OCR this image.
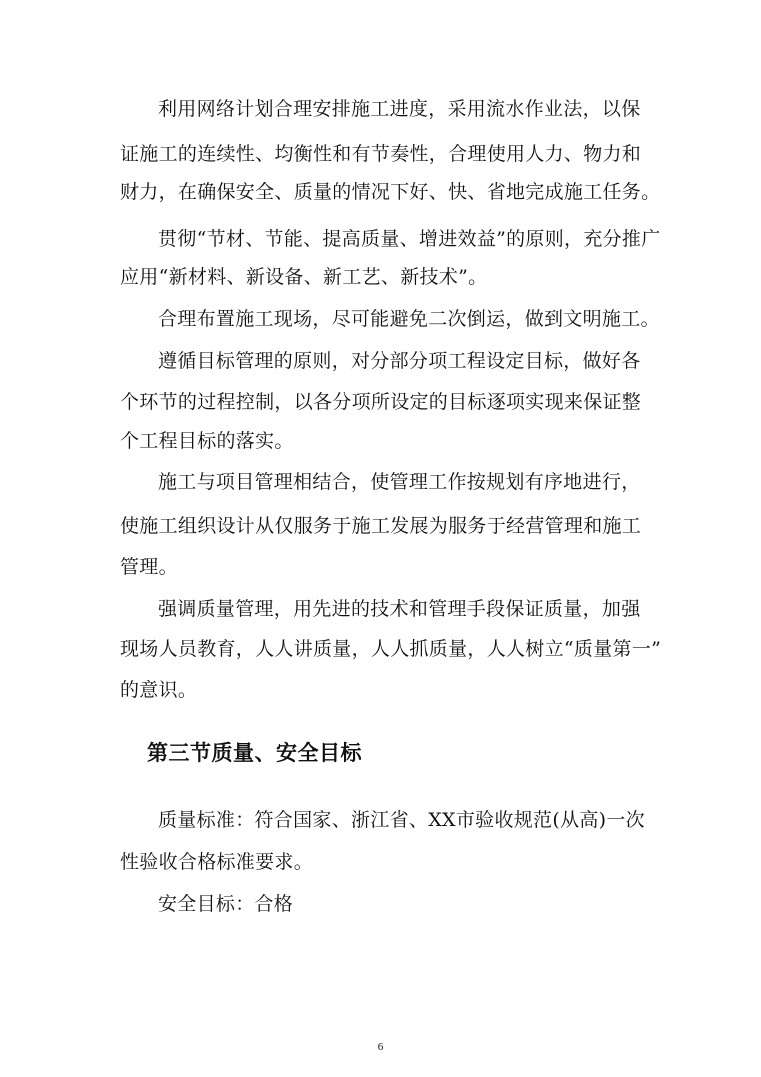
利用网络计划合理安排施工进度，采用流水作业法，以保
证施工的连续性、均衡性和有节奏性，合理使用人力、物力和
财力，在确保安全、质量的情况下好、快、省地完成施工任务。
贯彻“节材、节能、提高质量、增进效益”的原则，充分推广
应用“新材料、新设备、新工艺、新技术”。
合理布置施工现场，尽可能避免二次倒运，做到文明施工。
遵循目标管理的原则，对分部分项工程设定目标，做好各
个环节的过程控制，以各分项所设定的目标逐项实现来保证整
个工程目标的落实。
施工与项目管理相结合，使管理工作按规划有序地进行，
使施工组织设计从仅服务于施工发展为服务于经营管理和施工
管理。
强调质量管理，用先进的技术和管理手段保证质量，加强
现场人员教育，人人讲质量，人人抓质量，人人树立“质量第一”
的意识。
第三节质量、安全目标
质量标准：符合国家、浙江省、XX市验收规范(从高)一次
性验收合格标准要求。
安全目标：合格
6
